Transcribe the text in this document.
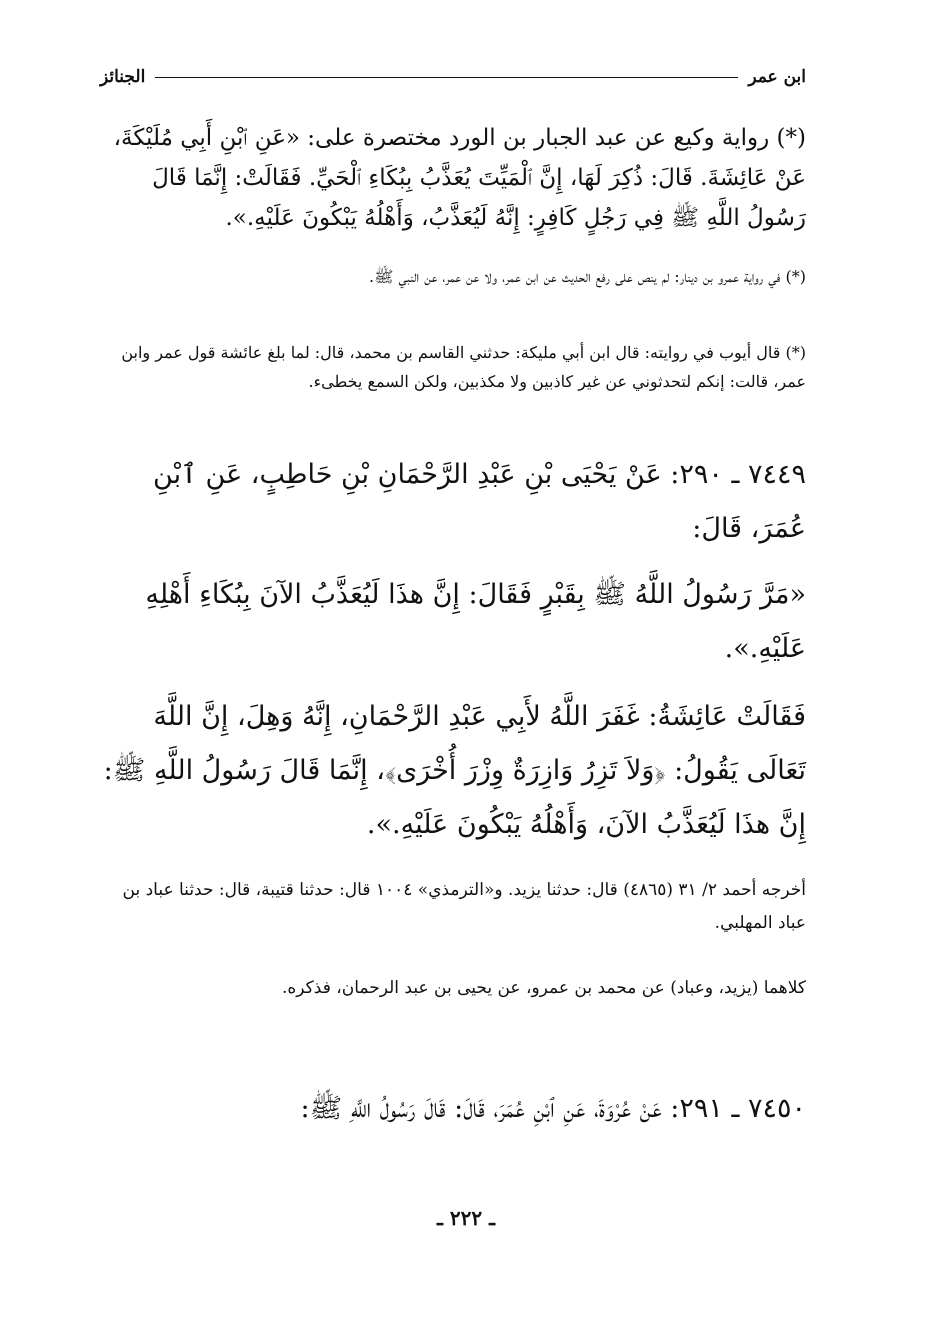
الجنائز	ابن عمر
(*) رواية وكيع عن عبد الجبار بن الورد مختصرة على: «عَنِ ٱبْنِ أَبِي مُلَيْكَةَ، عَنْ عَائِشَةَ. قَالَ: ذُكِرَ لَهَا، إِنَّ ٱلْمَيِّتَ يُعَذَّبُ بِبُكَاءِ ٱلْحَيِّ. فَقَالَتْ: إِنَّمَا قَالَ رَسُولُ اللَّهِ ﷺ فِي رَجُلٍ كَافِرٍ: إِنَّهُ لَيُعَذَّبُ، وَأَهْلُهُ يَبْكُونَ عَلَيْهِ.».
(*) في رواية عمرو بن دينار: لم ينص على رفع الحديث عن ابن عمر، ولا عن عمر، عن النبي ﷺ.
(*) قال أيوب في روايته: قال ابن أبي مليكة: حدثني القاسم بن محمد، قال: لما بلغ عائشة قول عمر وابن عمر، قالت: إنكم لتحدثوني عن غير كاذبين ولا مكذبين، ولكن السمع يخطىء.
٧٤٤٩ ـ ٢٩٠: عَنْ يَحْيَى بْنِ عَبْدِ الرَّحْمَانِ بْنِ حَاطِبٍ، عَنِ ٱبْنِ عُمَرَ، قَالَ:
«مَرَّ رَسُولُ اللَّهُ ﷺ بِقَبْرٍ فَقَالَ: إِنَّ هذَا لَيُعَذَّبُ الآنَ بِبُكَاءِ أَهْلِهِ عَلَيْهِ.».
فَقَالَتْ عَائِشَةُ: غَفَرَ اللَّهُ لأَبِي عَبْدِ الرَّحْمَانِ، إِنَّهُ وَهِلَ، إِنَّ اللَّهَ تَعَالَى يَقُولُ: ﴿وَلاَ تَزِرُ وَازِرَةٌ وِزْرَ أُخْرَى﴾، إِنَّمَا قَالَ رَسُولُ اللَّهِ ﷺ: إِنَّ هذَا لَيُعَذَّبُ الآنَ، وَأَهْلُهُ يَبْكُونَ عَلَيْهِ.».
أخرجه أحمد ٢/ ٣١ (٤٨٦٥) قال: حدثنا يزيد. و«الترمذي» ١٠٠٤ قال: حدثنا قتيبة، قال: حدثنا عباد بن عباد المهلبي.
كلاهما (يزيد، وعباد) عن محمد بن عمرو، عن يحيى بن عبد الرحمان، فذكره.
٧٤٥٠ ـ ٢٩١: عَنْ عُرْوَةَ، عَنِ ٱبْنِ عُمَرَ، قَالَ: قَالَ رَسُولُ اللَّهِ ﷺ:
ـ ٢٢٢ ـ
